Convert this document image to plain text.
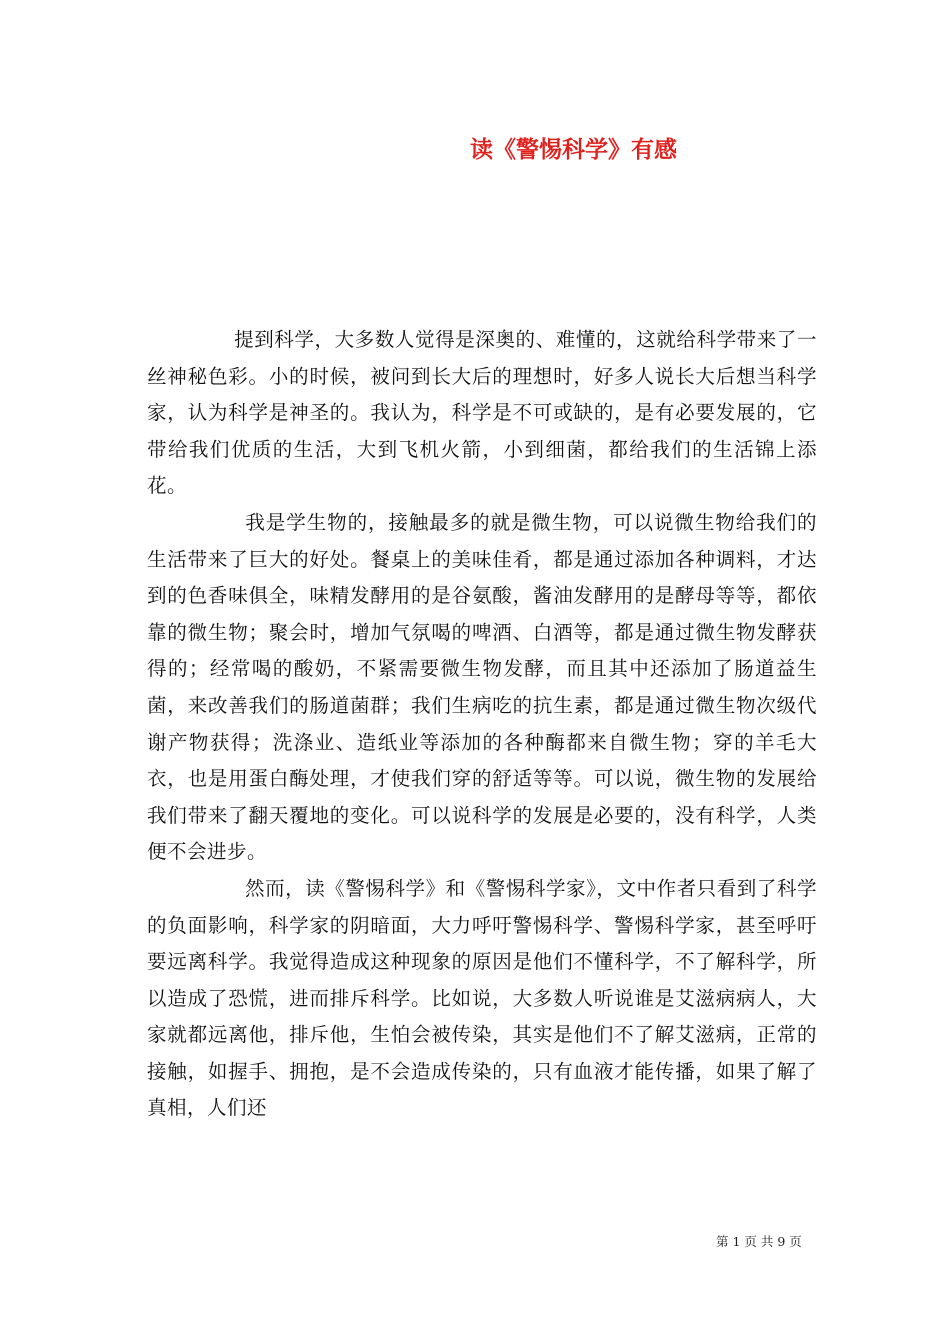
读《警惕科学》有感

提到科学，大多数人觉得是深奥的、难懂的，这就给科学带来了一丝神秘色彩。小的时候，被问到长大后的理想时，好多人说长大后想当科学家，认为科学是神圣的。我认为，科学是不可或缺的，是有必要发展的，它带给我们优质的生活，大到飞机火箭，小到细菌，都给我们的生活锦上添花。

我是学生物的，接触最多的就是微生物，可以说微生物给我们的生活带来了巨大的好处。餐桌上的美味佳肴，都是通过添加各种调料，才达到的色香味俱全，味精发酵用的是谷氨酸，酱油发酵用的是酵母等等，都依靠的微生物；聚会时，增加气氛喝的啤酒、白酒等，都是通过微生物发酵获得的；经常喝的酸奶，不紧需要微生物发酵，而且其中还添加了肠道益生菌，来改善我们的肠道菌群；我们生病吃的抗生素，都是通过微生物次级代谢产物获得；洗涤业、造纸业等添加的各种酶都来自微生物；穿的羊毛大衣，也是用蛋白酶处理，才使我们穿的舒适等等。可以说，微生物的发展给我们带来了翻天覆地的变化。可以说科学的发展是必要的，没有科学，人类便不会进步。

然而，读《警惕科学》和《警惕科学家》，文中作者只看到了科学的负面影响，科学家的阴暗面，大力呼吁警惕科学、警惕科学家，甚至呼吁要远离科学。我觉得造成这种现象的原因是他们不懂科学，不了解科学，所以造成了恐慌，进而排斥科学。比如说，大多数人听说谁是艾滋病病人，大家就都远离他，排斥他，生怕会被传染，其实是他们不了解艾滋病，正常的接触，如握手、拥抱，是不会造成传染的，只有血液才能传播，如果了解了真相，人们还

第 1 页 共 9 页
